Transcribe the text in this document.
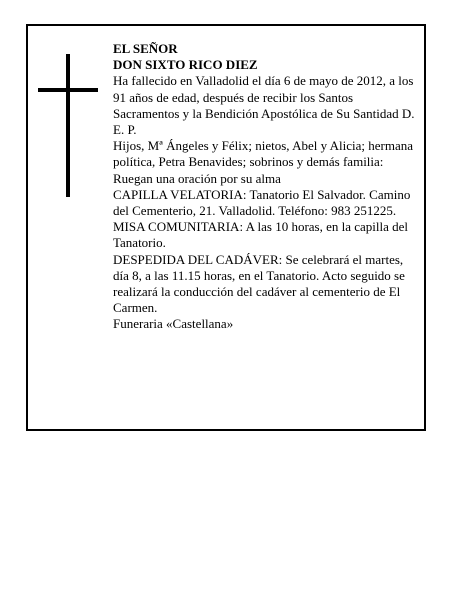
EL SEÑOR

DON SIXTO RICO DIEZ

Ha fallecido en Valladolid el día 6 de mayo de 2012, a los 91 años de edad, después de recibir los Santos Sacramentos y la Bendición Apostólica de Su Santidad D. E. P.

Hijos, Mª Ángeles y Félix; nietos, Abel y Alicia; hermana política, Petra Benavides; sobrinos y demás familia:

Ruegan una oración por su alma

CAPILLA VELATORIA: Tanatorio El Salvador. Camino del Cementerio, 21. Valladolid. Teléfono: 983 251225.

MISA COMUNITARIA: A las 10 horas, en la capilla del Tanatorio.

DESPEDIDA DEL CADÁVER: Se celebrará el martes, día 8, a las 11.15 horas, en el Tanatorio. Acto seguido se realizará la conducción del cadáver al cementerio de El Carmen.

Funeraria «Castellana»
